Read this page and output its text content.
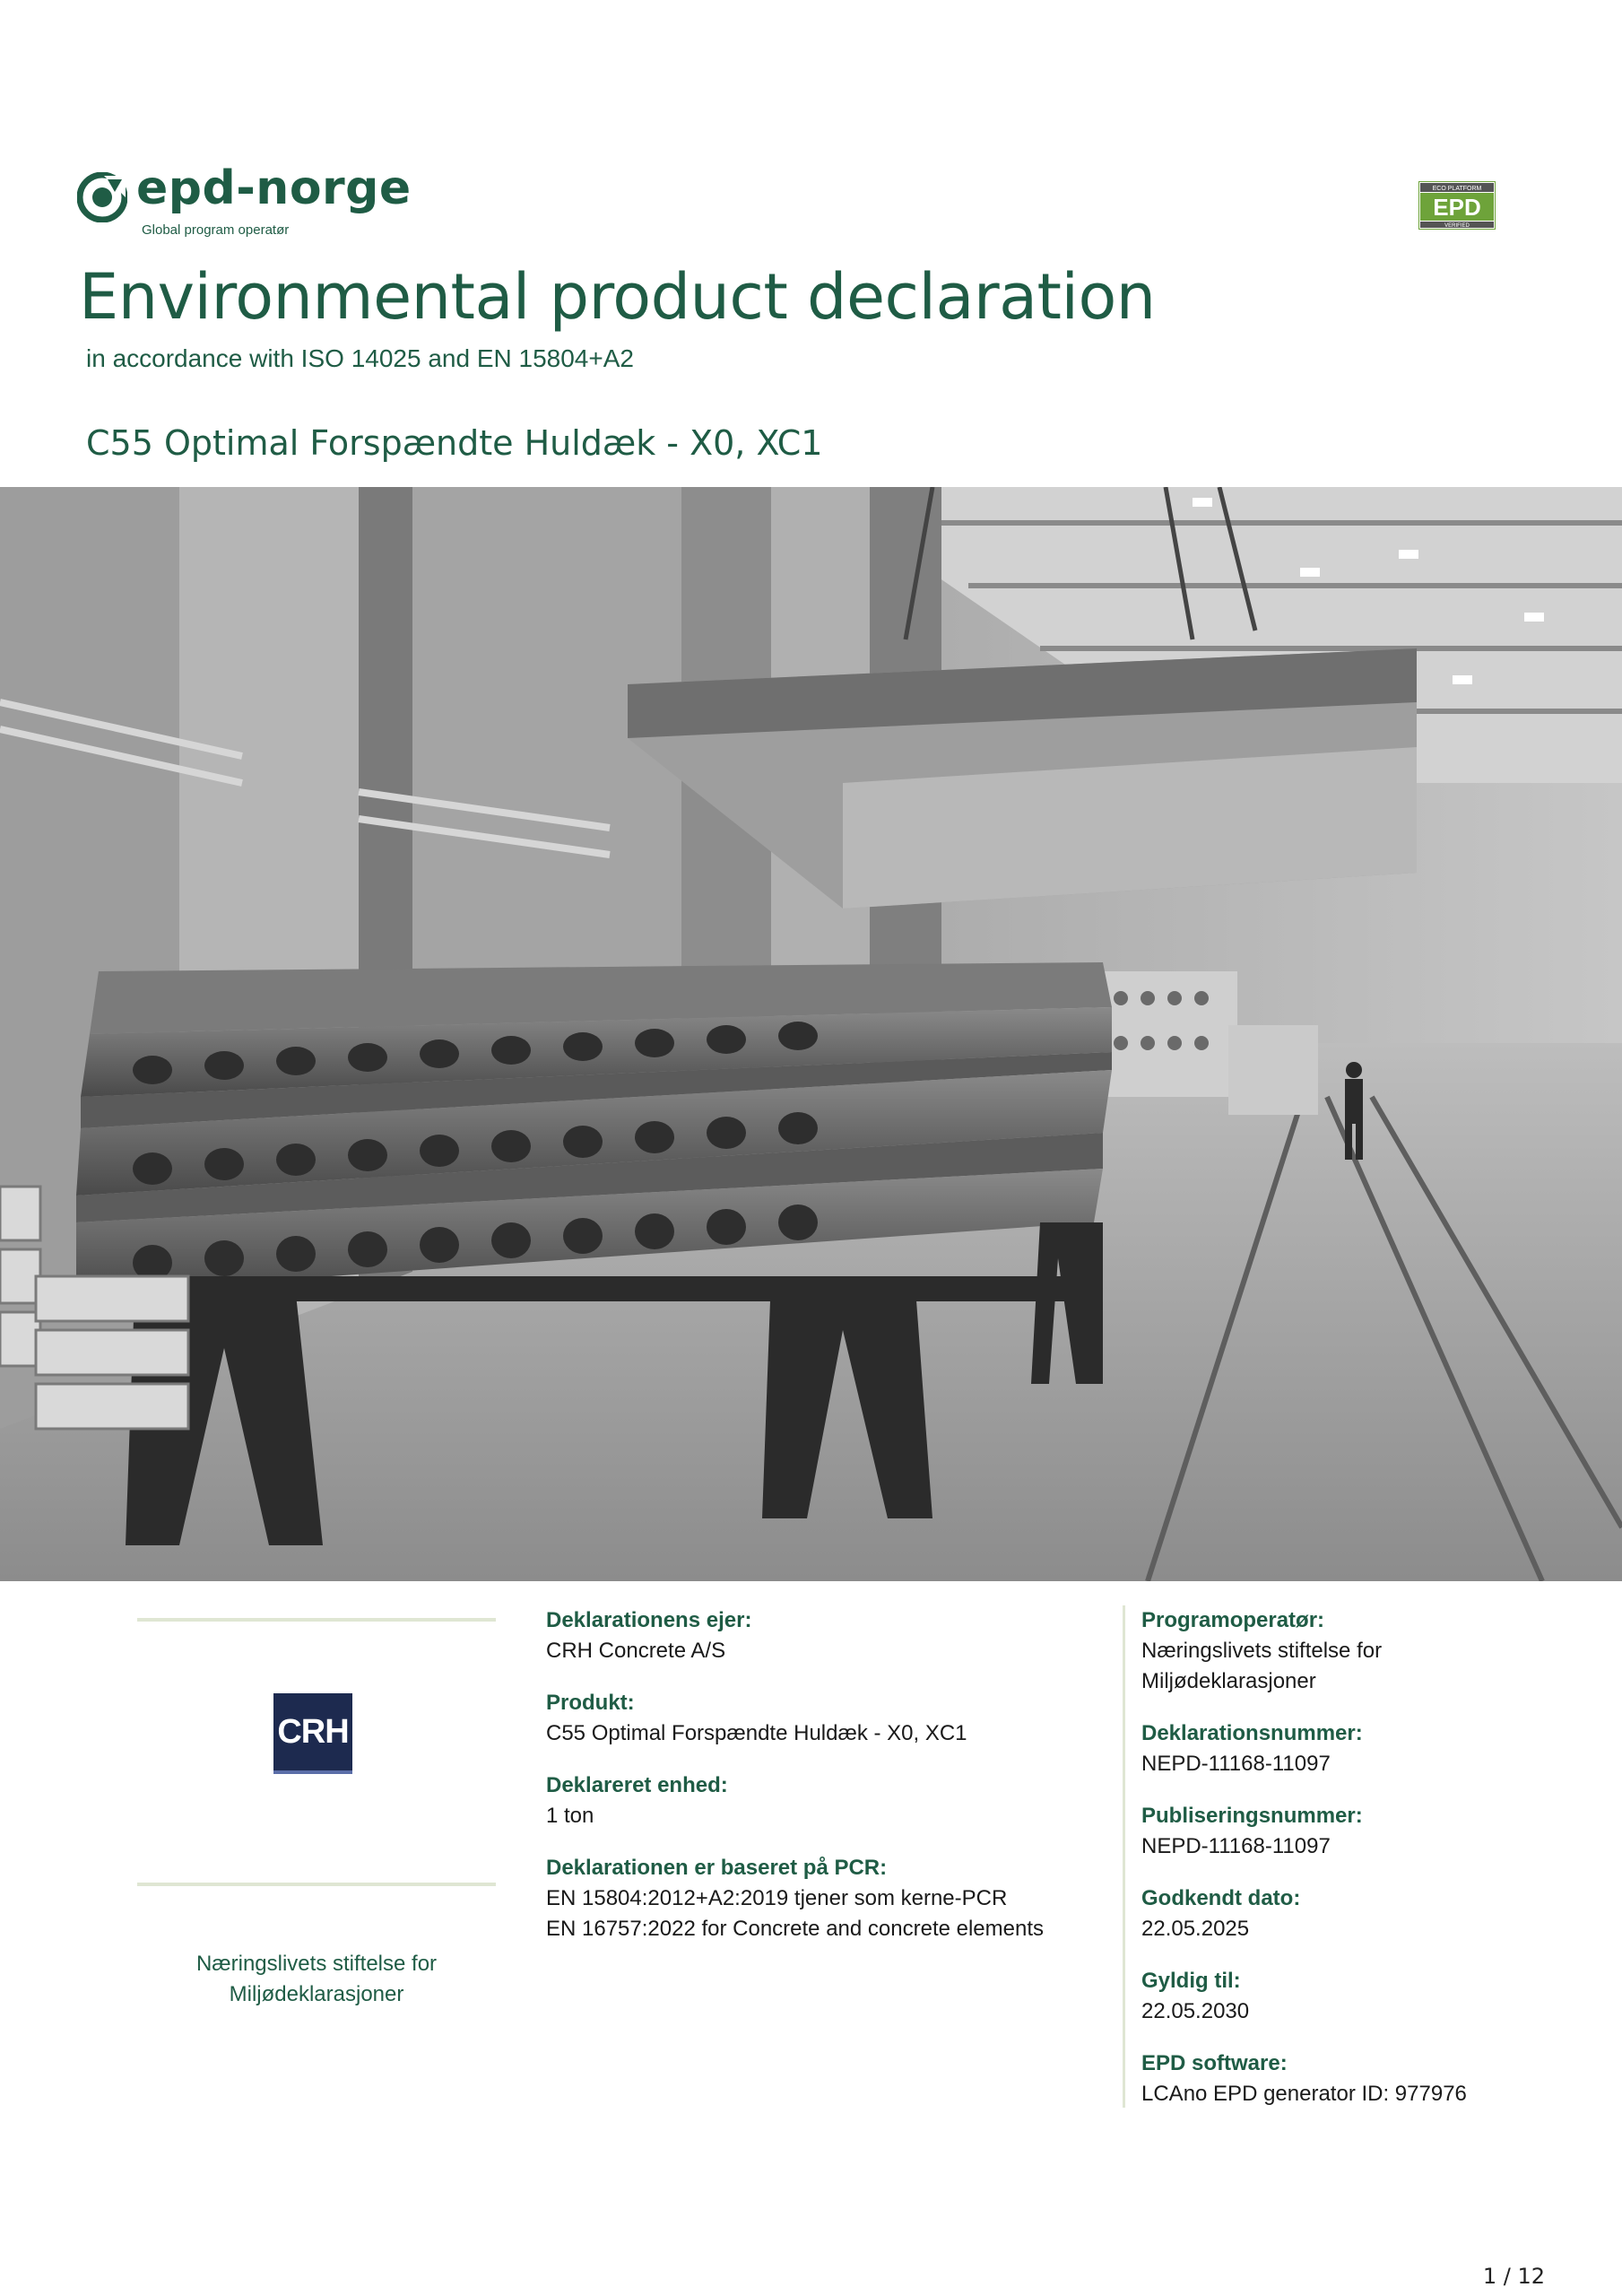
epd-norge
Global program operatør
ECO PLATFORM
EPD
VERIFIED
Environmental product declaration
in accordance with ISO 14025 and EN 15804+A2
C55 Optimal Forspændte Huldæk - X0, XC1
CRH
Næringslivets stiftelse for
Miljødeklarasjoner
Deklarationens ejer:
CRH Concrete A/S
Produkt:
C55 Optimal Forspændte Huldæk - X0, XC1
Deklareret enhed:
1 ton
Deklarationen er baseret på PCR:
EN 15804:2012+A2:2019 tjener som kerne-PCR
EN 16757:2022 for Concrete and concrete elements
Programoperatør:
Næringslivets stiftelse for
Miljødeklarasjoner
Deklarationsnummer:
NEPD-11168-11097
Publiseringsnummer:
NEPD-11168-11097
Godkendt dato:
22.05.2025
Gyldig til:
22.05.2030
EPD software:
LCAno EPD generator ID: 977976
1 / 12
